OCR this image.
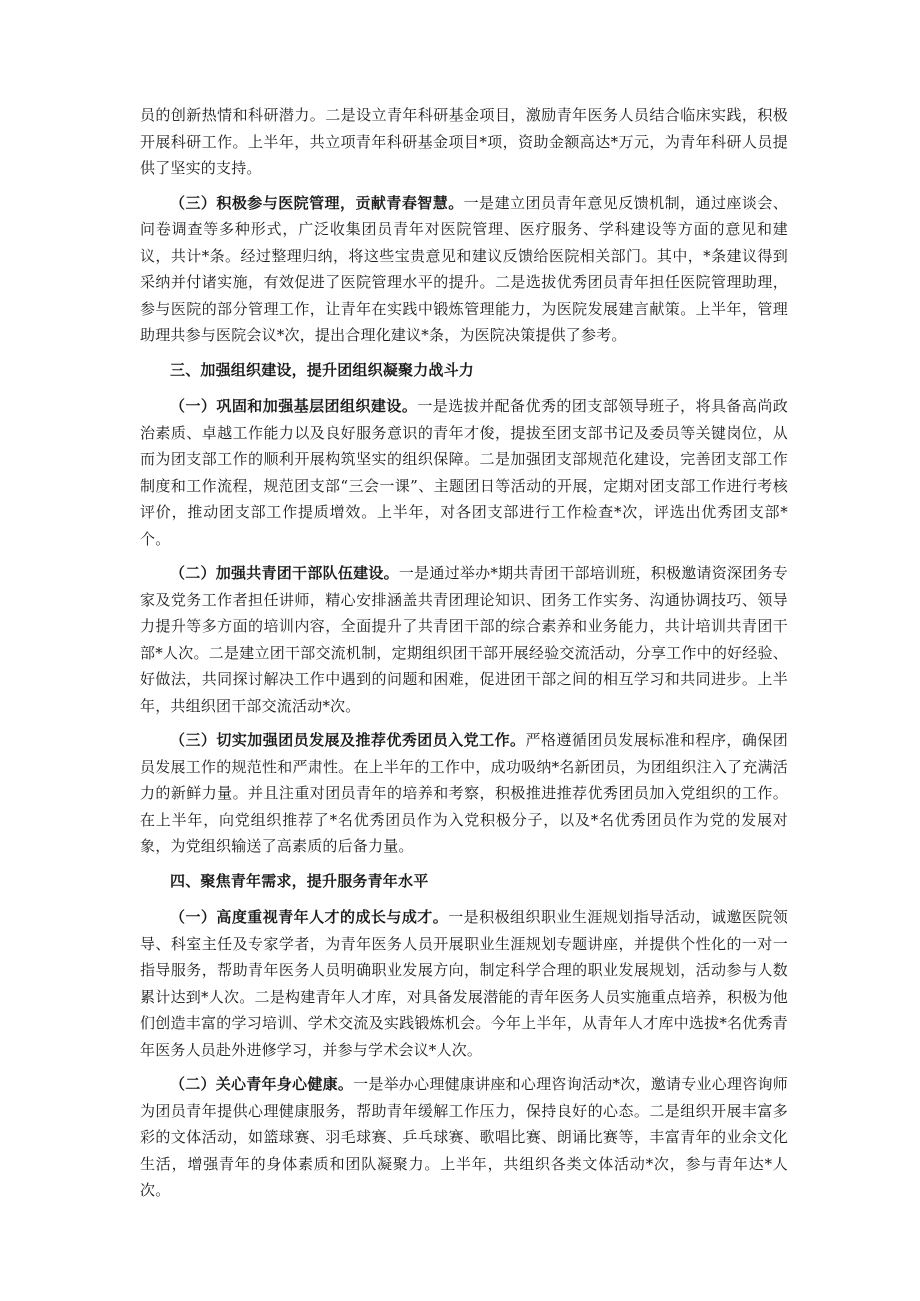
员的创新热情和科研潜力。二是设立青年科研基金项目，激励青年医务人员结合临床实践，积极开展科研工作。上半年，共立项青年科研基金项目*项，资助金额高达*万元，为青年科研人员提供了坚实的支持。

（三）积极参与医院管理，贡献青春智慧。一是建立团员青年意见反馈机制，通过座谈会、问卷调查等多种形式，广泛收集团员青年对医院管理、医疗服务、学科建设等方面的意见和建议，共计*条。经过整理归纳，将这些宝贵意见和建议反馈给医院相关部门。其中，*条建议得到采纳并付诸实施，有效促进了医院管理水平的提升。二是选拔优秀团员青年担任医院管理助理，参与医院的部分管理工作，让青年在实践中锻炼管理能力，为医院发展建言献策。上半年，管理助理共参与医院会议*次，提出合理化建议*条，为医院决策提供了参考。

三、加强组织建设，提升团组织凝聚力战斗力

（一）巩固和加强基层团组织建设。一是选拔并配备优秀的团支部领导班子，将具备高尚政治素质、卓越工作能力以及良好服务意识的青年才俊，提拔至团支部书记及委员等关键岗位，从而为团支部工作的顺利开展构筑坚实的组织保障。二是加强团支部规范化建设，完善团支部工作制度和工作流程，规范团支部“三会一课”、主题团日等活动的开展，定期对团支部工作进行考核评价，推动团支部工作提质增效。上半年，对各团支部进行工作检查*次，评选出优秀团支部*个。

（二）加强共青团干部队伍建设。一是通过举办*期共青团干部培训班，积极邀请资深团务专家及党务工作者担任讲师，精心安排涵盖共青团理论知识、团务工作实务、沟通协调技巧、领导力提升等多方面的培训内容，全面提升了共青团干部的综合素养和业务能力，共计培训共青团干部*人次。二是建立团干部交流机制，定期组织团干部开展经验交流活动，分享工作中的好经验、好做法，共同探讨解决工作中遇到的问题和困难，促进团干部之间的相互学习和共同进步。上半年，共组织团干部交流活动*次。

（三）切实加强团员发展及推荐优秀团员入党工作。严格遵循团员发展标准和程序，确保团员发展工作的规范性和严肃性。在上半年的工作中，成功吸纳*名新团员，为团组织注入了充满活力的新鲜力量。并且注重对团员青年的培养和考察，积极推进推荐优秀团员加入党组织的工作。在上半年，向党组织推荐了*名优秀团员作为入党积极分子，以及*名优秀团员作为党的发展对象，为党组织输送了高素质的后备力量。

四、聚焦青年需求，提升服务青年水平

（一）高度重视青年人才的成长与成才。一是积极组织职业生涯规划指导活动，诚邀医院领导、科室主任及专家学者，为青年医务人员开展职业生涯规划专题讲座，并提供个性化的一对一指导服务，帮助青年医务人员明确职业发展方向，制定科学合理的职业发展规划，活动参与人数累计达到*人次。二是构建青年人才库，对具备发展潜能的青年医务人员实施重点培养，积极为他们创造丰富的学习培训、学术交流及实践锻炼机会。今年上半年，从青年人才库中选拔*名优秀青年医务人员赴外进修学习，并参与学术会议*人次。

（二）关心青年身心健康。一是举办心理健康讲座和心理咨询活动*次，邀请专业心理咨询师为团员青年提供心理健康服务，帮助青年缓解工作压力，保持良好的心态。二是组织开展丰富多彩的文体活动，如篮球赛、羽毛球赛、乒乓球赛、歌唱比赛、朗诵比赛等，丰富青年的业余文化生活，增强青年的身体素质和团队凝聚力。上半年，共组织各类文体活动*次，参与青年达*人次。
